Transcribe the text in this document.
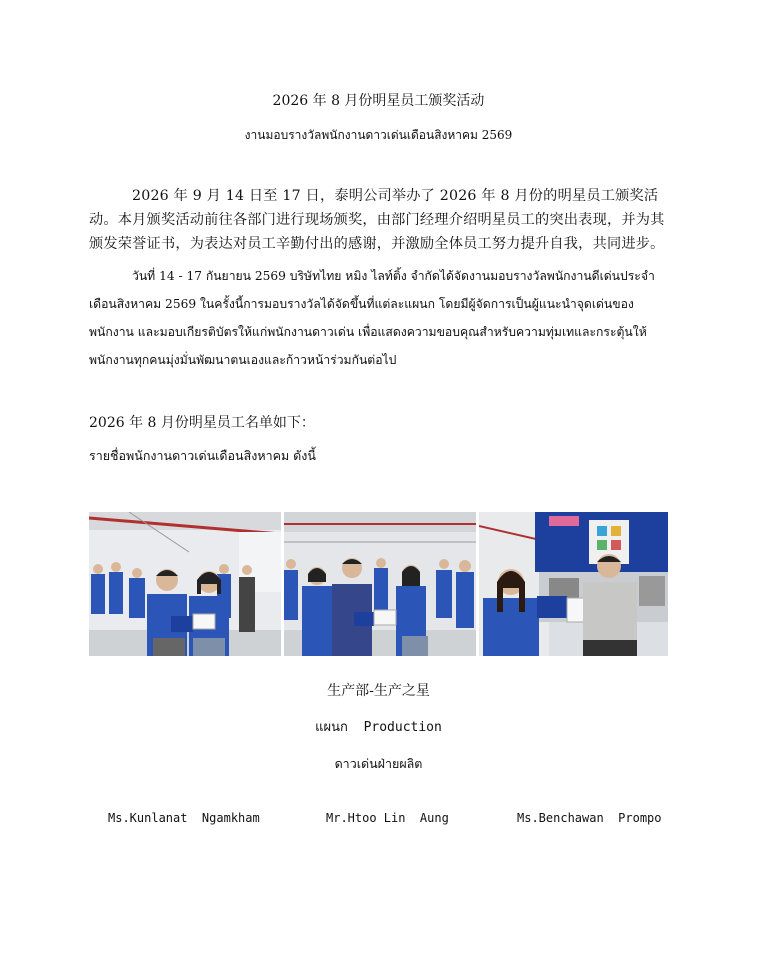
2026 年 8 月份明星员工颁奖活动
งานมอบรางวัลพนักงานดาวเด่นเดือนสิงหาคม 2569
2026 年 9 月 14 日至 17 日，泰明公司举办了 2026 年 8 月份的明星员工颁奖活动。本月颁奖活动前往各部门进行现场颁奖，由部门经理介绍明星员工的突出表现，并为其颁发荣誉证书，为表达对员工辛勤付出的感谢，并激励全体员工努力提升自我，共同进步。
วันที่ 14 - 17 กันยายน 2569 บริษัทไทย หมิง ไลท์ติ้ง จำกัดได้จัดงานมอบรางวัลพนักงานดีเด่นประจำเดือนสิงหาคม 2569 ในครั้งนี้การมอบรางวัลได้จัดขึ้นที่แต่ละแผนก โดยมีผู้จัดการเป็นผู้แนะนำจุดเด่นของพนักงาน และมอบเกียรติบัตรให้แก่พนักงานดาวเด่น เพื่อแสดงความขอบคุณสำหรับความทุ่มเทและกระตุ้นให้พนักงานทุกคนมุ่งมั่นพัฒนาตนเองและก้าวหน้าร่วมกันต่อไป
2026 年 8 月份明星员工名单如下：
รายชื่อพนักงานดาวเด่นเดือนสิงหาคม ดังนี้
生产部-生产之星
แผนก  Production
ดาวเด่นฝ่ายผลิต
Ms.Kunlanat  Ngamkham	Mr.Htoo Lin  Aung	Ms.Benchawan  Prompo
